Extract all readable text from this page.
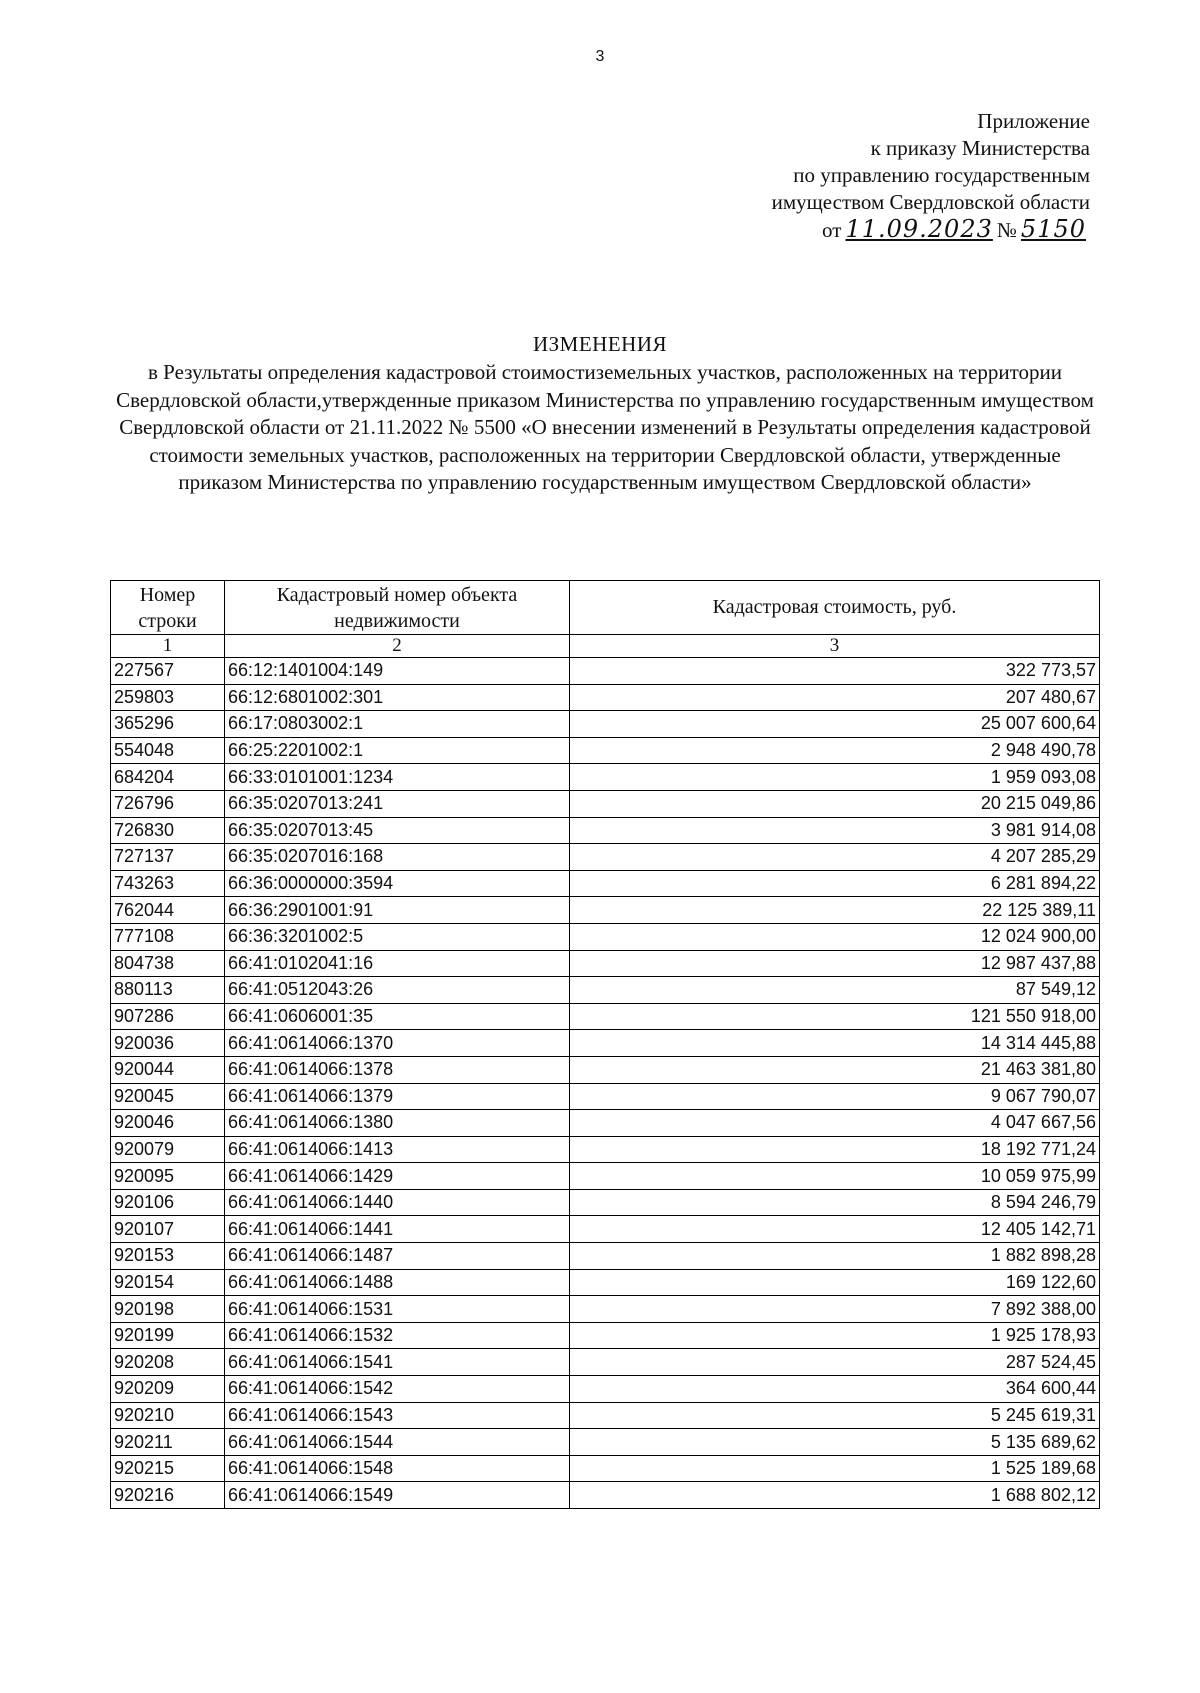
3
Приложение
к приказу Министерства
по управлению государственным
имуществом Свердловской области
от 11.09.2023 № 5150
ИЗМЕНЕНИЯ
в Результаты определения кадастровой стоимостиземельных участков, расположенных на территории Свердловской области,утвержденные приказом Министерства по управлению государственным имуществом Свердловской области от 21.11.2022 № 5500 «О внесении изменений в Результаты определения кадастровой стоимости земельных участков, расположенных на территории Свердловской области, утвержденные приказом Министерства по управлению государственным имуществом Свердловской области»
Номер строки	Кадастровый номер объекта недвижимости	Кадастровая стоимость, руб.
1	2	3
227567	66:12:1401004:149	322 773,57
259803	66:12:6801002:301	207 480,67
365296	66:17:0803002:1	25 007 600,64
554048	66:25:2201002:1	2 948 490,78
684204	66:33:0101001:1234	1 959 093,08
726796	66:35:0207013:241	20 215 049,86
726830	66:35:0207013:45	3 981 914,08
727137	66:35:0207016:168	4 207 285,29
743263	66:36:0000000:3594	6 281 894,22
762044	66:36:2901001:91	22 125 389,11
777108	66:36:3201002:5	12 024 900,00
804738	66:41:0102041:16	12 987 437,88
880113	66:41:0512043:26	87 549,12
907286	66:41:0606001:35	121 550 918,00
920036	66:41:0614066:1370	14 314 445,88
920044	66:41:0614066:1378	21 463 381,80
920045	66:41:0614066:1379	9 067 790,07
920046	66:41:0614066:1380	4 047 667,56
920079	66:41:0614066:1413	18 192 771,24
920095	66:41:0614066:1429	10 059 975,99
920106	66:41:0614066:1440	8 594 246,79
920107	66:41:0614066:1441	12 405 142,71
920153	66:41:0614066:1487	1 882 898,28
920154	66:41:0614066:1488	169 122,60
920198	66:41:0614066:1531	7 892 388,00
920199	66:41:0614066:1532	1 925 178,93
920208	66:41:0614066:1541	287 524,45
920209	66:41:0614066:1542	364 600,44
920210	66:41:0614066:1543	5 245 619,31
920211	66:41:0614066:1544	5 135 689,62
920215	66:41:0614066:1548	1 525 189,68
920216	66:41:0614066:1549	1 688 802,12
